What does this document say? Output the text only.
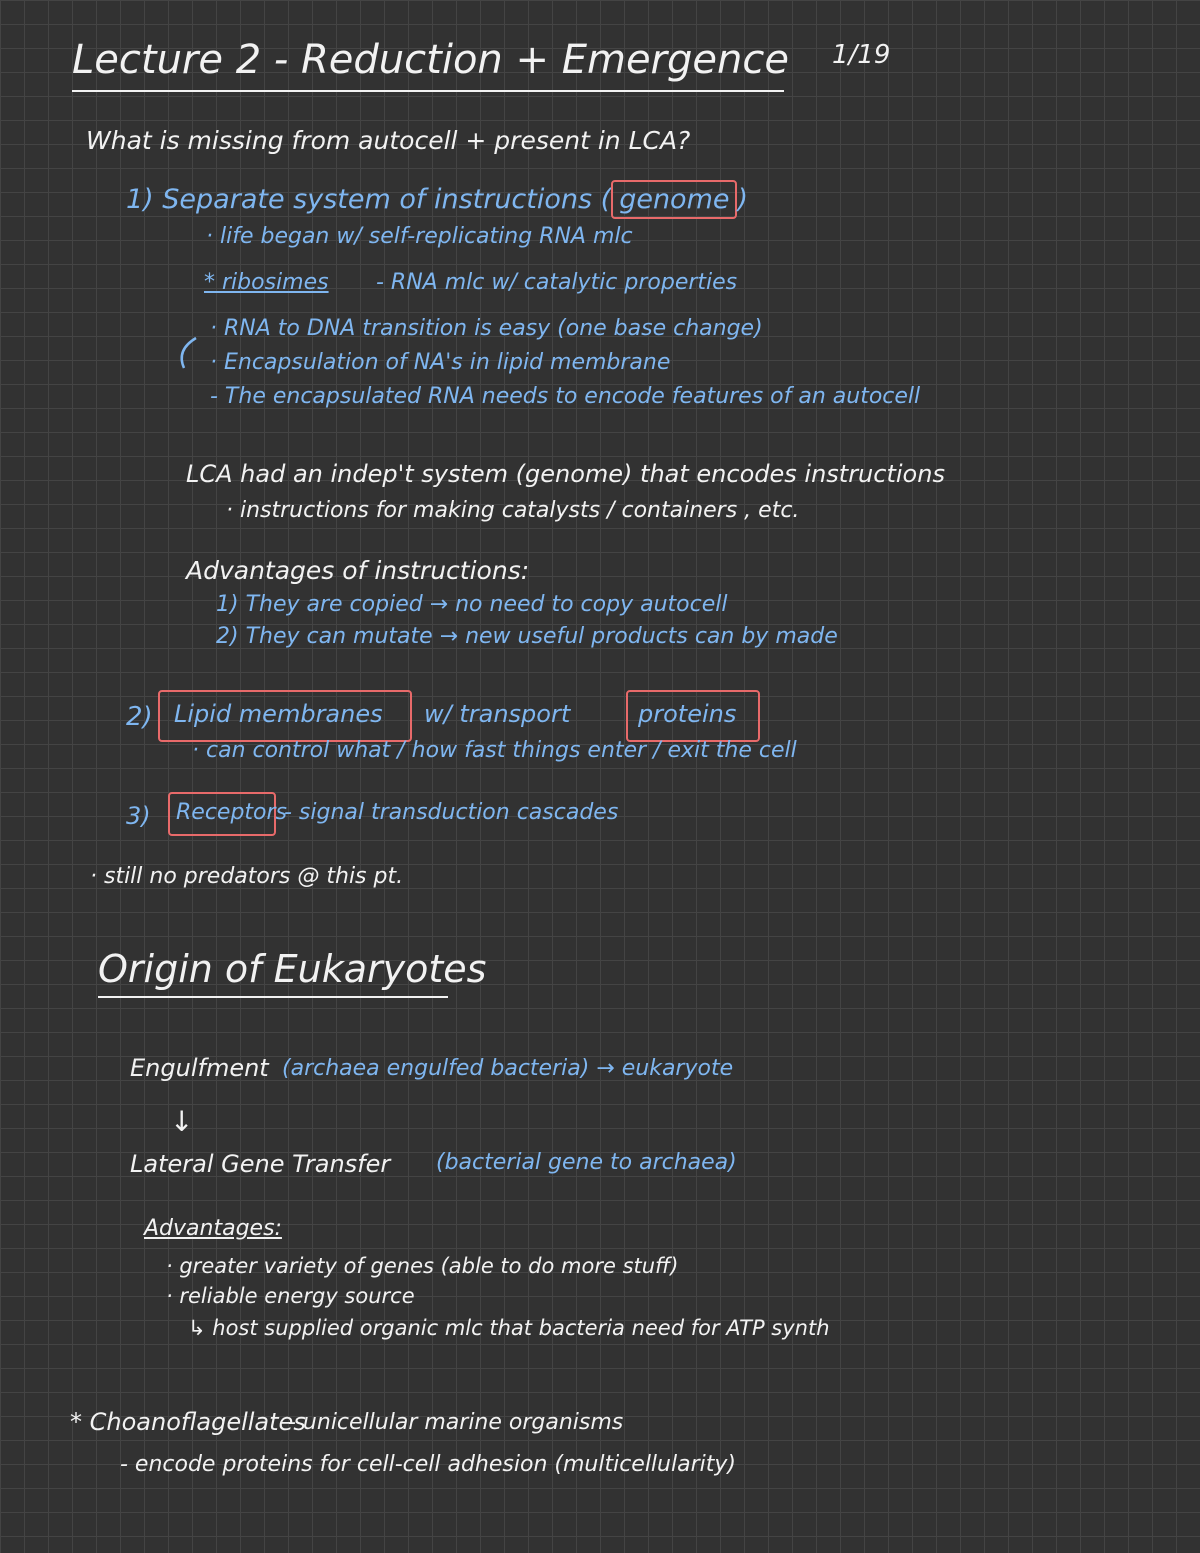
Lecture 2 - Reduction + Emergence 1/19
What is missing from autocell + present in LCA?
1) Separate system of instructions ( genome )
· life began w/ self-replicating RNA mlc
* ribosimes - RNA mlc w/ catalytic properties
· RNA to DNA transition is easy (one base change)
· Encapsulation of NA's in lipid membrane
- The encapsulated RNA needs to encode features of an autocell
LCA had an indep't system (genome) that encodes instructions
· instructions for making catalysts / containers , etc.
Advantages of instructions:
1) They are copied → no need to copy autocell
2) They can mutate → new useful products can by made
2) Lipid membranes w/ transport	proteins
· can control what / how fast things enter / exit the cell
3) Receptors
- signal transduction cascades
· still no predators @ this pt.
Origin of Eukaryotes
Engulfment (archaea engulfed bacteria) → eukaryote
↓
Lateral Gene Transfer (bacterial gene to archaea)
Advantages:
· greater variety of genes (able to do more stuff)
· reliable energy source
↳ host supplied organic mlc that bacteria need for ATP synth
* Choanoflagellates
- unicellular marine organisms
- encode proteins for cell-cell adhesion (multicellularity)
